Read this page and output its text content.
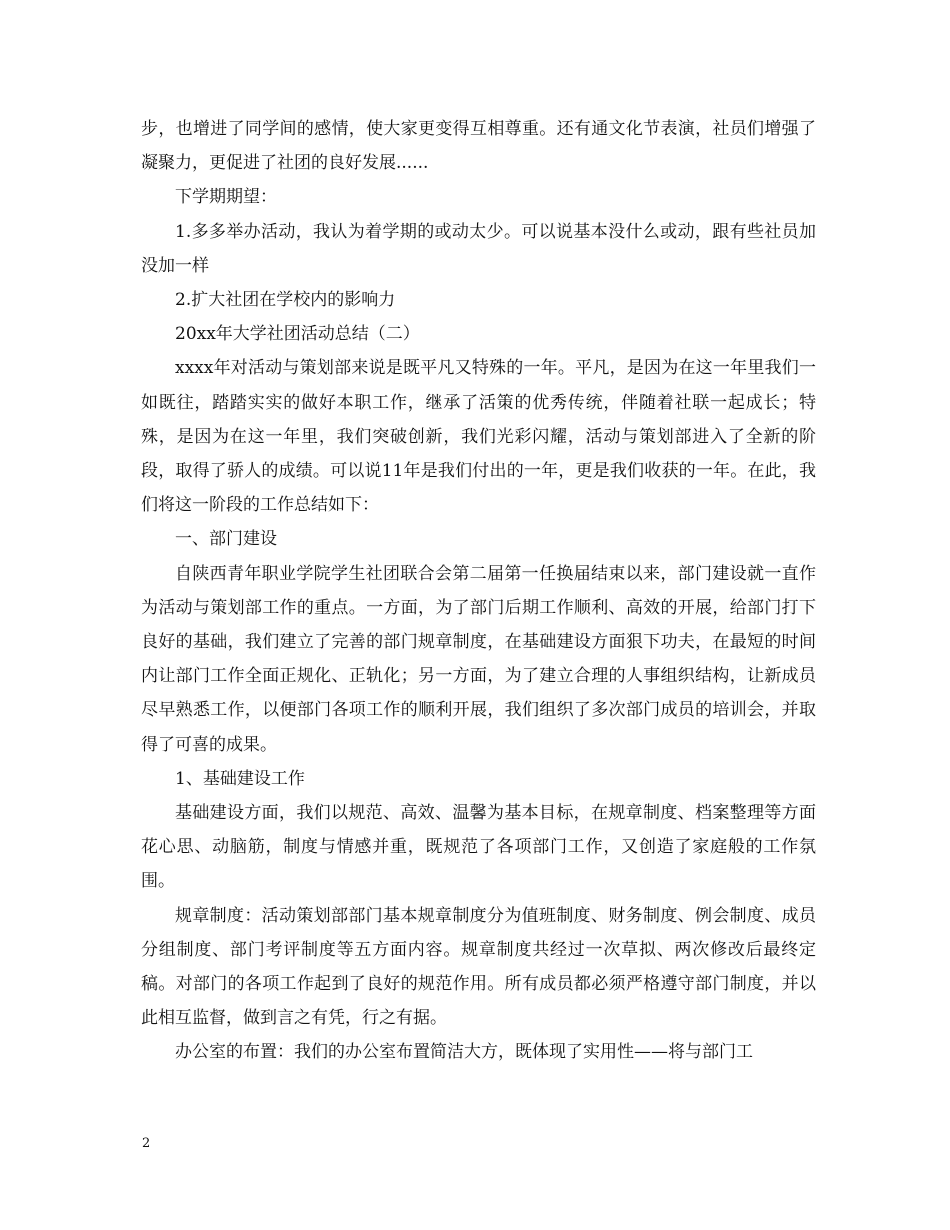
步，也增进了同学间的感情，使大家更变得互相尊重。还有通文化节表演，社员们增强了凝聚力，更促进了社团的良好发展......

下学期期望：

1.多多举办活动，我认为着学期的或动太少。可以说基本没什么或动，跟有些社员加没加一样

2.扩大社团在学校内的影响力

20xx年大学社团活动总结（二）

xxxx年对活动与策划部来说是既平凡又特殊的一年。平凡，是因为在这一年里我们一如既往，踏踏实实的做好本职工作，继承了活策的优秀传统，伴随着社联一起成长；特殊，是因为在这一年里，我们突破创新，我们光彩闪耀，活动与策划部进入了全新的阶段，取得了骄人的成绩。可以说11年是我们付出的一年，更是我们收获的一年。在此，我们将这一阶段的工作总结如下：

一、部门建设

自陕西青年职业学院学生社团联合会第二届第一任换届结束以来，部门建设就一直作为活动与策划部工作的重点。一方面，为了部门后期工作顺利、高效的开展，给部门打下良好的基础，我们建立了完善的部门规章制度，在基础建设方面狠下功夫，在最短的时间内让部门工作全面正规化、正轨化；另一方面，为了建立合理的人事组织结构，让新成员尽早熟悉工作，以便部门各项工作的顺利开展，我们组织了多次部门成员的培训会，并取得了可喜的成果。

1、基础建设工作

基础建设方面，我们以规范、高效、温馨为基本目标，在规章制度、档案整理等方面花心思、动脑筋，制度与情感并重，既规范了各项部门工作，又创造了家庭般的工作氛围。

规章制度：活动策划部部门基本规章制度分为值班制度、财务制度、例会制度、成员分组制度、部门考评制度等五方面内容。规章制度共经过一次草拟、两次修改后最终定稿。对部门的各项工作起到了良好的规范作用。所有成员都必须严格遵守部门制度，并以此相互监督，做到言之有凭，行之有据。

办公室的布置：我们的办公室布置简洁大方，既体现了实用性——将与部门工

2
